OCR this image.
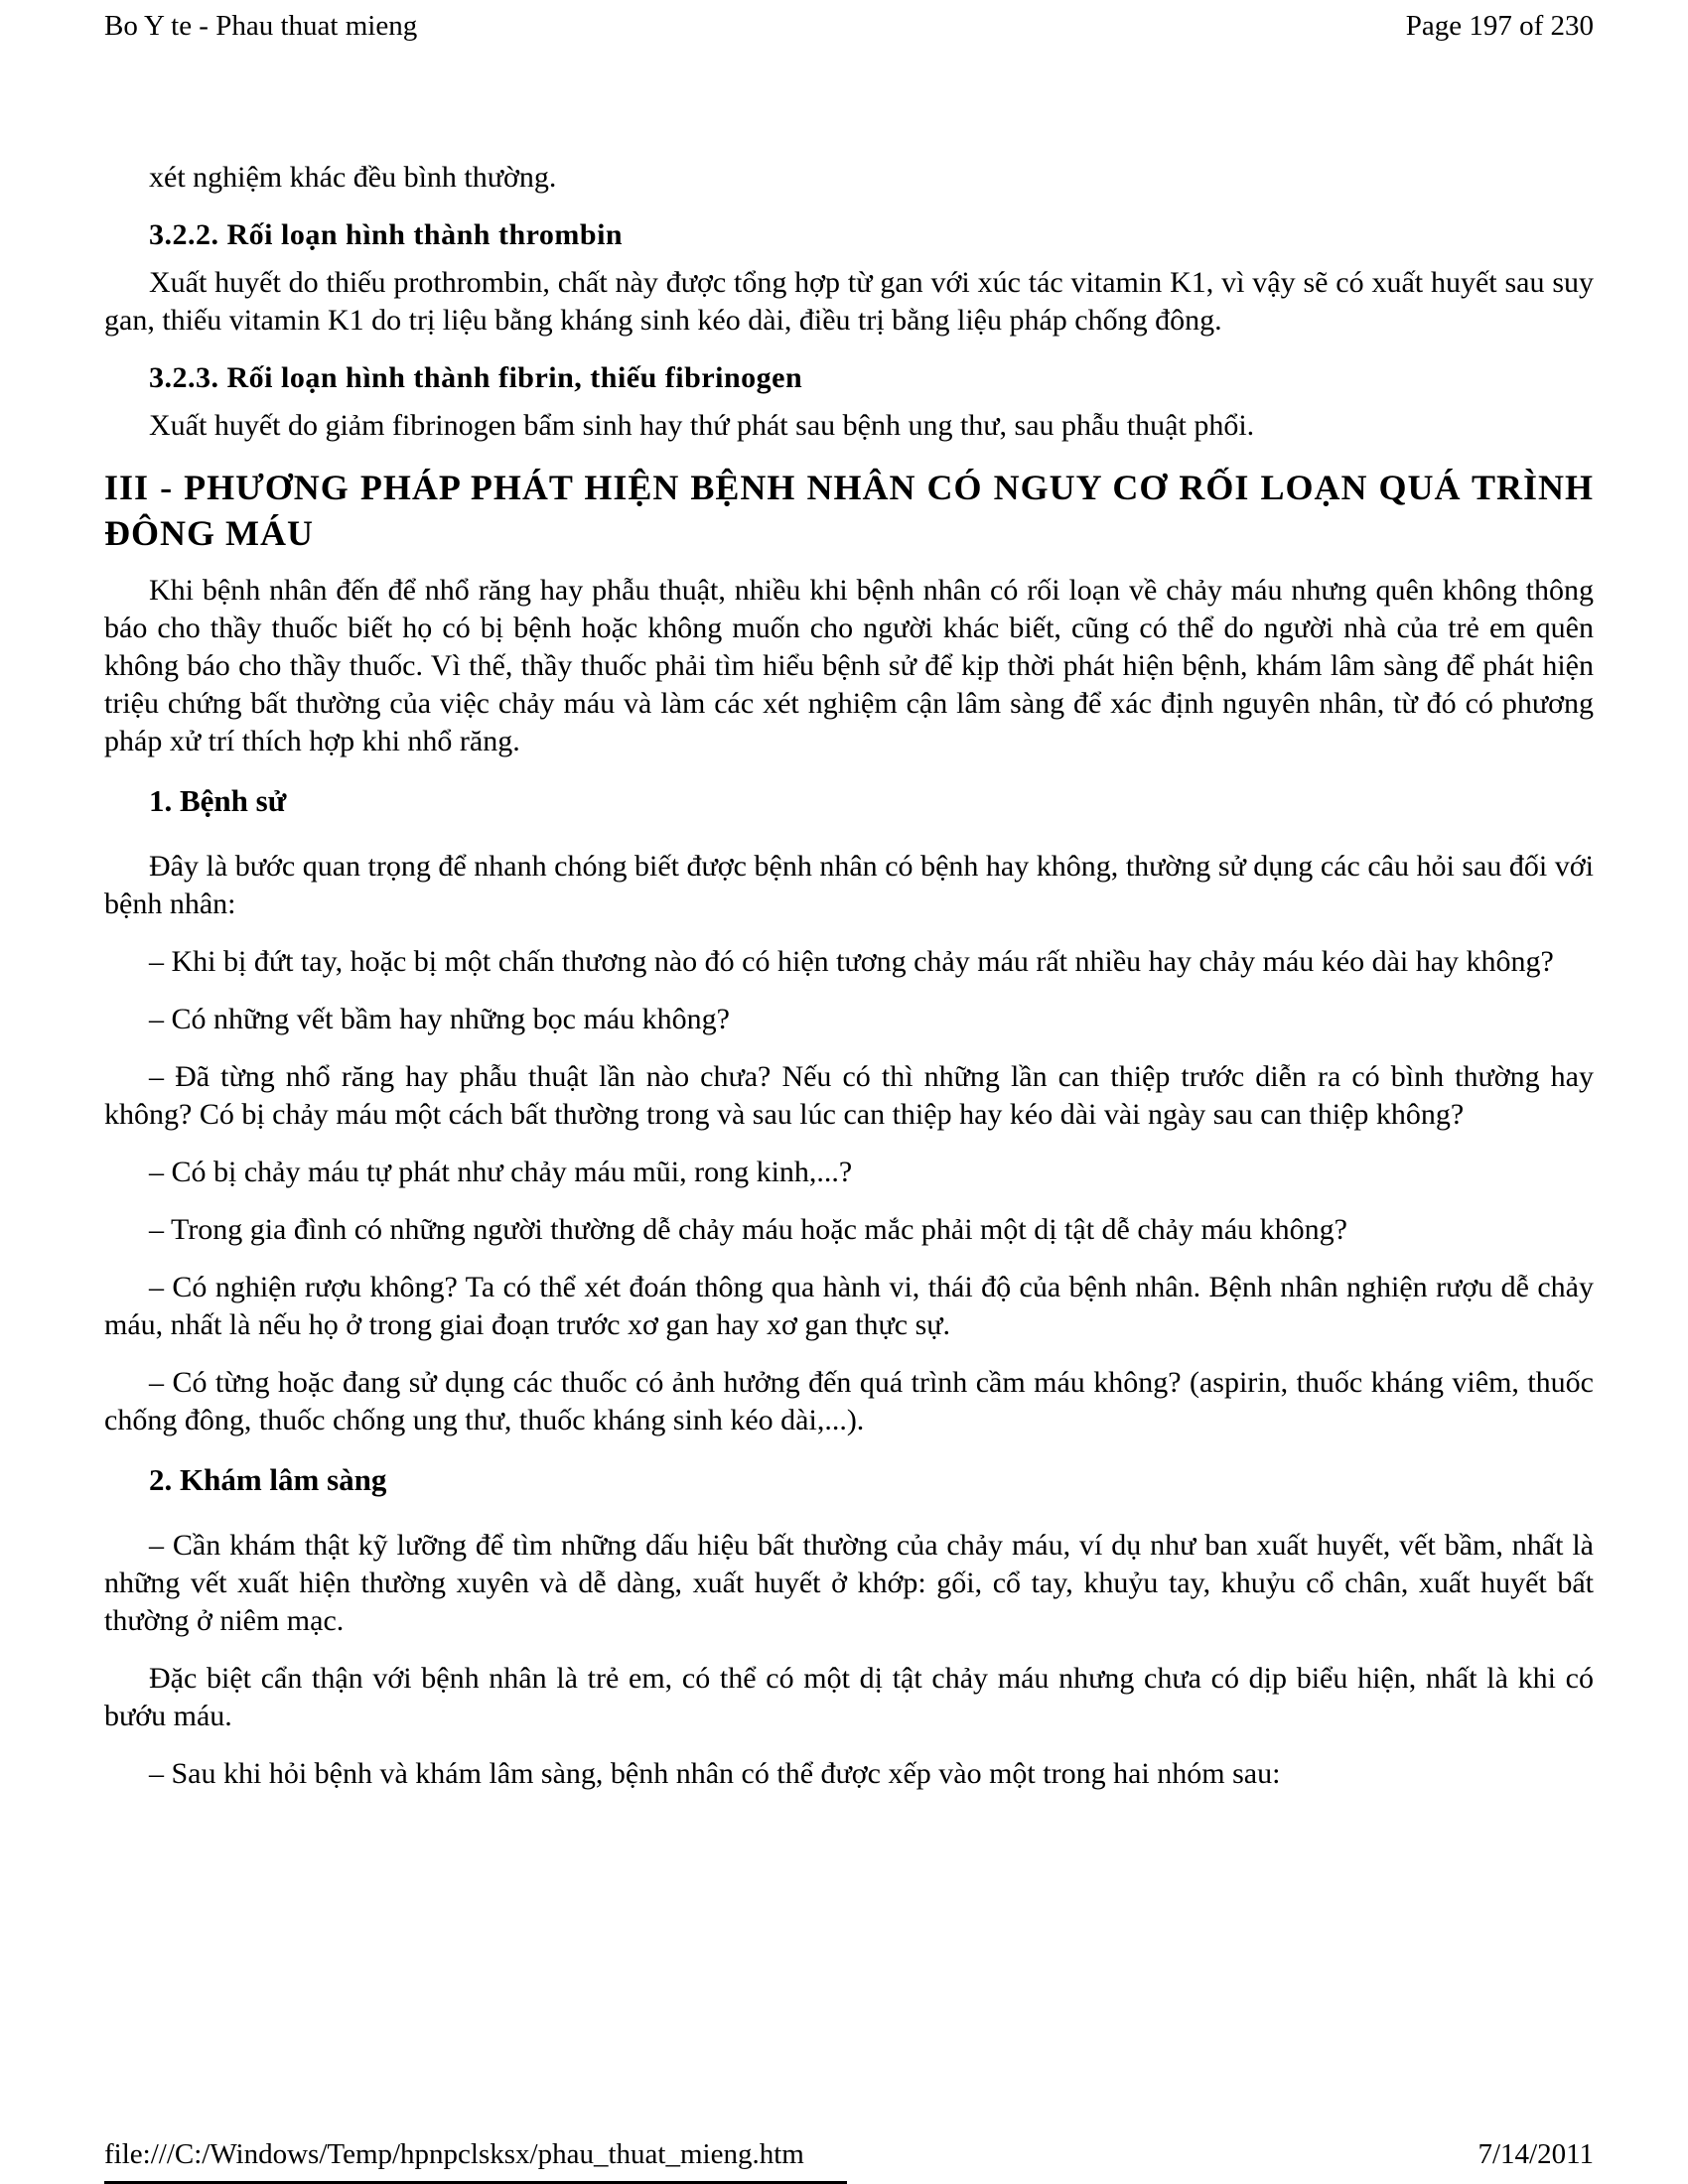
Bo Y te - Phau thuat mieng	Page 197 of 230

xét nghiệm khác đều bình thường.

3.2.2. Rối loạn hình thành thrombin

Xuất huyết do thiếu prothrombin, chất này được tổng hợp từ gan với xúc tác vitamin K1, vì vậy sẽ có xuất huyết sau suy gan, thiếu vitamin K1 do trị liệu bằng kháng sinh kéo dài, điều trị bằng liệu pháp chống đông.

3.2.3. Rối loạn hình thành fibrin, thiếu fibrinogen

Xuất huyết do giảm fibrinogen bẩm sinh hay thứ phát sau bệnh ung thư, sau phẫu thuật phổi.

III - PHƯƠNG PHÁP PHÁT HIỆN BỆNH NHÂN CÓ NGUY CƠ RỐI LOẠN QUÁ TRÌNH
ĐÔNG MÁU

Khi bệnh nhân đến để nhổ răng hay phẫu thuật, nhiều khi bệnh nhân có rối loạn về chảy máu nhưng quên không thông báo cho thầy thuốc biết họ có bị bệnh hoặc không muốn cho người khác biết, cũng có thể do người nhà của trẻ em quên không báo cho thầy thuốc. Vì thế, thầy thuốc phải tìm hiểu bệnh sử để kịp thời phát hiện bệnh, khám lâm sàng để phát hiện triệu chứng bất thường của việc chảy máu và làm các xét nghiệm cận lâm sàng để xác định nguyên nhân, từ đó có phương pháp xử trí thích hợp khi nhổ răng.

1. Bệnh sử

Đây là bước quan trọng để nhanh chóng biết được bệnh nhân có bệnh hay không, thường sử dụng các câu hỏi sau đối với bệnh nhân:

– Khi bị đứt tay, hoặc bị một chấn thương nào đó có hiện tương chảy máu rất nhiều hay chảy máu kéo dài hay không?

– Có những vết bầm hay những bọc máu không?

– Đã từng nhổ răng hay phẫu thuật lần nào chưa? Nếu có thì những lần can thiệp trước diễn ra có bình thường hay không? Có bị chảy máu một cách bất thường trong và sau lúc can thiệp hay kéo dài vài ngày sau can thiệp không?

– Có bị chảy máu tự phát như chảy máu mũi, rong kinh,...?

– Trong gia đình có những người thường dễ chảy máu hoặc mắc phải một dị tật dễ chảy máu không?

– Có nghiện rượu không? Ta có thể xét đoán thông qua hành vi, thái độ của bệnh nhân. Bệnh nhân nghiện rượu dễ chảy máu, nhất là nếu họ ở trong giai đoạn trước xơ gan hay xơ gan thực sự.

– Có từng hoặc đang sử dụng các thuốc có ảnh hưởng đến quá trình cầm máu không? (aspirin, thuốc kháng viêm, thuốc chống đông, thuốc chống ung thư, thuốc kháng sinh kéo dài,...).

2. Khám lâm sàng

– Cần khám thật kỹ lưỡng để tìm những dấu hiệu bất thường của chảy máu, ví dụ như ban xuất huyết, vết bầm, nhất là những vết xuất hiện thường xuyên và dễ dàng, xuất huyết ở khớp: gối, cổ tay, khuỷu tay, khuỷu cổ chân, xuất huyết bất thường ở niêm mạc.

Đặc biệt cẩn thận với bệnh nhân là trẻ em, có thể có một dị tật chảy máu nhưng chưa có dịp biểu hiện, nhất là khi có bướu máu.

– Sau khi hỏi bệnh và khám lâm sàng, bệnh nhân có thể được xếp vào một trong hai nhóm sau:

file:///C:/Windows/Temp/hpnpclsksx/phau_thuat_mieng.htm	7/14/2011
